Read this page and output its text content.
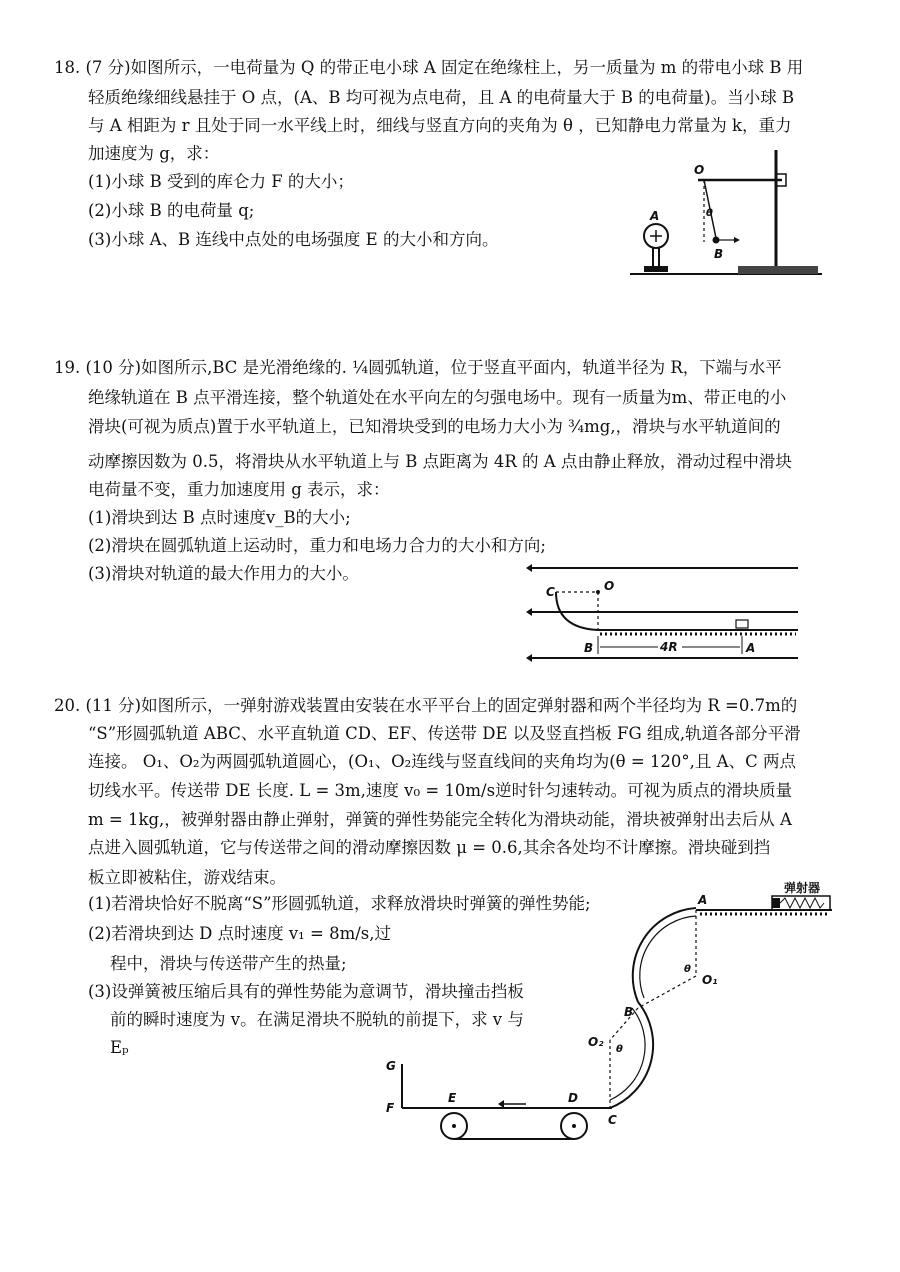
18. (7 分)如图所示，一电荷量为 Q 的带正电小球 A 固定在绝缘柱上，另一质量为 m 的带电小球 B 用
轻质绝缘细线悬挂于 O 点，(A、B 均可视为点电荷，且 A 的电荷量大于 B 的电荷量)。当小球 B
与 A 相距为 r 且处于同一水平线上时，细线与竖直方向的夹角为 θ ，已知静电力常量为 k，重力
加速度为 g，求：
(1)小球 B 受到的库仑力 F 的大小；
(2)小球 B 的电荷量 q;
(3)小球 A、B 连线中点处的电场强度 E 的大小和方向。
O
θ
A
B
19. (10 分)如图所示,BC 是光滑绝缘的. ¼圆弧轨道，位于竖直平面内，轨道半径为 R，下端与水平
绝缘轨道在 B 点平滑连接，整个轨道处在水平向左的匀强电场中。现有一质量为m、带正电的小
滑块(可视为质点)置于水平轨道上，已知滑块受到的电场力大小为 ¾mg,，滑块与水平轨道间的
动摩擦因数为 0.5，将滑块从水平轨道上与 B 点距离为 4R 的 A 点由静止释放，滑动过程中滑块
电荷量不变，重力加速度用 g 表示，求：
(1)滑块到达 B 点时速度v_B的大小;
(2)滑块在圆弧轨道上运动时，重力和电场力合力的大小和方向;
(3)滑块对轨道的最大作用力的大小。
C	O
B	A
4R
20. (11 分)如图所示，一弹射游戏装置由安装在水平平台上的固定弹射器和两个半径均为 R =0.7m的
“S”形圆弧轨道 ABC、水平直轨道 CD、EF、传送带 DE 以及竖直挡板 FG 组成,轨道各部分平滑
连接。 O₁、O₂为两圆弧轨道圆心，(O₁、O₂连线与竖直线间的夹角均为(θ = 120°,且 A、C 两点
切线水平。传送带 DE 长度. L = 3m,速度 v₀ = 10m/s逆时针匀速转动。可视为质点的滑块质量
m = 1kg,，被弹射器由静止弹射，弹簧的弹性势能完全转化为滑块动能，滑块被弹射出去后从 A
点进入圆弧轨道，它与传送带之间的滑动摩擦因数 μ = 0.6,其余各处均不计摩擦。滑块碰到挡
板立即被粘住，游戏结束。
(1)若滑块恰好不脱离“S”形圆弧轨道，求释放滑块时弹簧的弹性势能;
(2)若滑块到达 D 点时速度 v₁ = 8m/s,过
程中，滑块与传送带产生的热量;
(3)设弹簧被压缩后具有的弹性势能为意调节，滑块撞击挡板
前的瞬时速度为 v。在满足滑块不脱轨的前提下，求 v 与
Eₚ
弹射器
A
O₁
θ
B
O₂
θ
C
D
E
F
G
